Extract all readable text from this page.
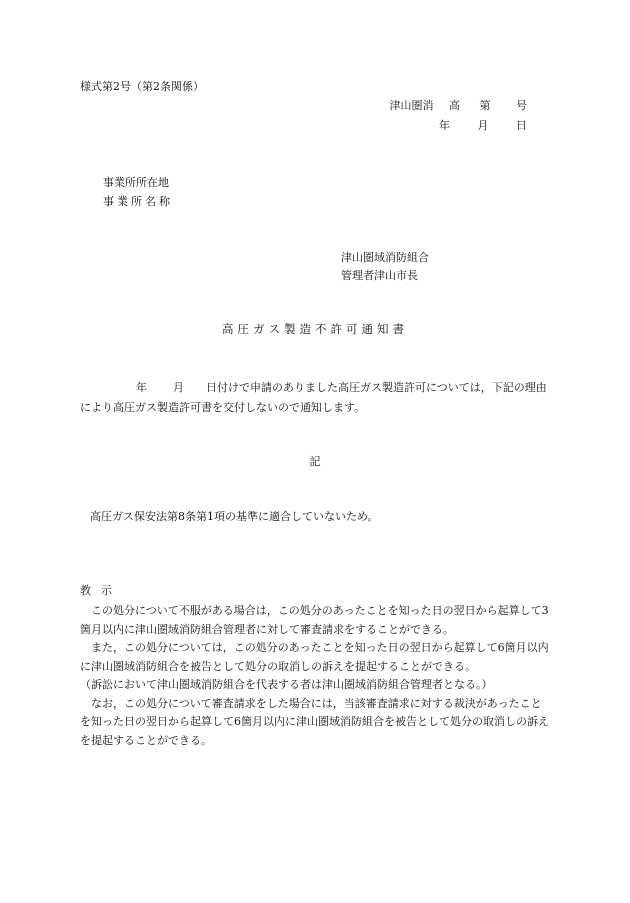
様式第2号（第2条関係）
津山圏消 高 第 号
年	月	日
事業所所在地
事業所名称
津山圏域消防組合
管理者津山市長
高圧ガス製造不許可通知書
年 月 日付けで申請のありました高圧ガス製造許可については，下記の理由により高圧ガス製造許可書を交付しないので通知します。
記
高圧ガス保安法第8条第1項の基準に適合していないため。
教示

この処分について不服がある場合は，この処分のあったことを知った日の翌日から起算して3箇月以内に津山圏域消防組合管理者に対して審査請求をすることができる。

また，この処分については，この処分のあったことを知った日の翌日から起算して6箇月以内に津山圏域消防組合を被告として処分の取消しの訴えを提起することができる。

（訴訟において津山圏域消防組合を代表する者は津山圏域消防組合管理者となる。）

なお，この処分について審査請求をした場合には，当該審査請求に対する裁決があったことを知った日の翌日から起算して6箇月以内に津山圏域消防組合を被告として処分の取消しの訴えを提起することができる。
